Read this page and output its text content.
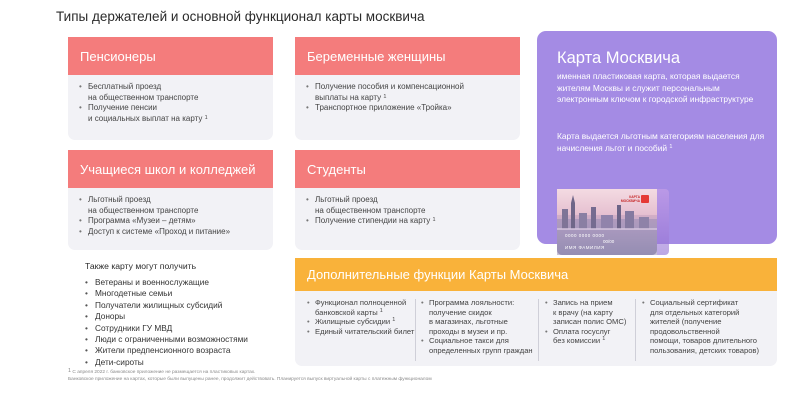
Типы держателей и основной функционал карты москвича
Пенсионеры
• Бесплатный проезд
на общественном транспорте
• Получение пенсии
и социальных выплат на карту $^1$
Беременные женщины
• Получение пособия и компенсационной
выплаты на карту $^1$
• Транспортное приложение «Тройка»
Учащиеся школ и колледжей
• Льготный проезд
на общественном транспорте
• Программа «Музеи – детям»
• Доступ к системе «Проход и питание»
Студенты
• Льготный проезд
на общественном транспорте
• Получение стипендии на карту $^1$
Карта Москвича
именная пластиковая карта, которая выдается жителям Москвы и служит персональным электронным ключом к городской инфраструктуре
Карта выдается льготным категориям населения для начисления льгот и пособий $^1$
КАРТА
МОСКВИЧА
0000 0000 0000
00/00
ИМЯ ФАМИЛИЯ
Также карту могут получить
• Ветераны и военнослужащие
• Многодетные семьи
• Получатели жилищных субсидий
• Доноры
• Сотрудники ГУ МВД
• Люди с ограниченными возможностями
• Жители предпенсионного возраста
• Дети-сироты
Дополнительные функции Карты Москвича
• Функционал полноценной
банковской карты $^1$
• Жилищные субсидии $^1$
• Единый читательский билет
• Программа лояльности:
получение скидок
в магазинах, льготные
проходы в музеи и пр.
• Социальное такси для
определенных групп граждан
• Запись на прием
к врачу (на карту
записан полис ОМС)
• Оплата госуслуг
без комиссии $^1$
• Социальный сертификат
для отдельных категорий
жителей (получение
продовольственной
помощи, товаров длительного
пользования, детских товаров)
$^1$ С апреля 2022 г. банковское приложение не размещается на пластиковых картах.
Банковское приложение на картах, которые были выпущены ранее, продолжит действовать. Планируется выпуск виртуальной карты с платежным функционалом
